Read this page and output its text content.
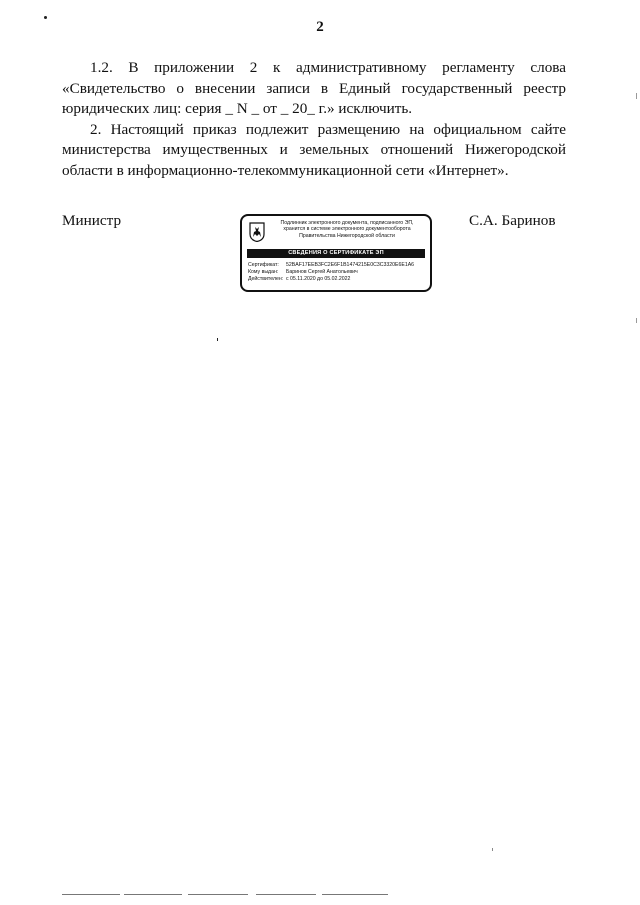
2

1.2. В приложении 2 к административному регламенту слова «Свидетельство о внесении записи в Единый государственный реестр юридических лиц: серия _ N _ от _ 20_ г.» исключить.

2. Настоящий приказ подлежит размещению на официальном сайте министерства имущественных и земельных отношений Нижегородской области в информационно-телекоммуникационной сети «Интернет».

Министр	Подлинник электронного документа, подписанного ЭП,
хранится в системе электронного документооборота
Правительства Нижегородской области
СВЕДЕНИЯ О СЕРТИФИКАТЕ ЭП
Сертификат: 52BAF17EEB3FC2E6F1B1474215E0C3C3320E6E1A6
Кому выдан: Баринов Сергей Анатольевич
Действителен: с 05.11.2020 до 05.02.2022
С.А. Баринов
